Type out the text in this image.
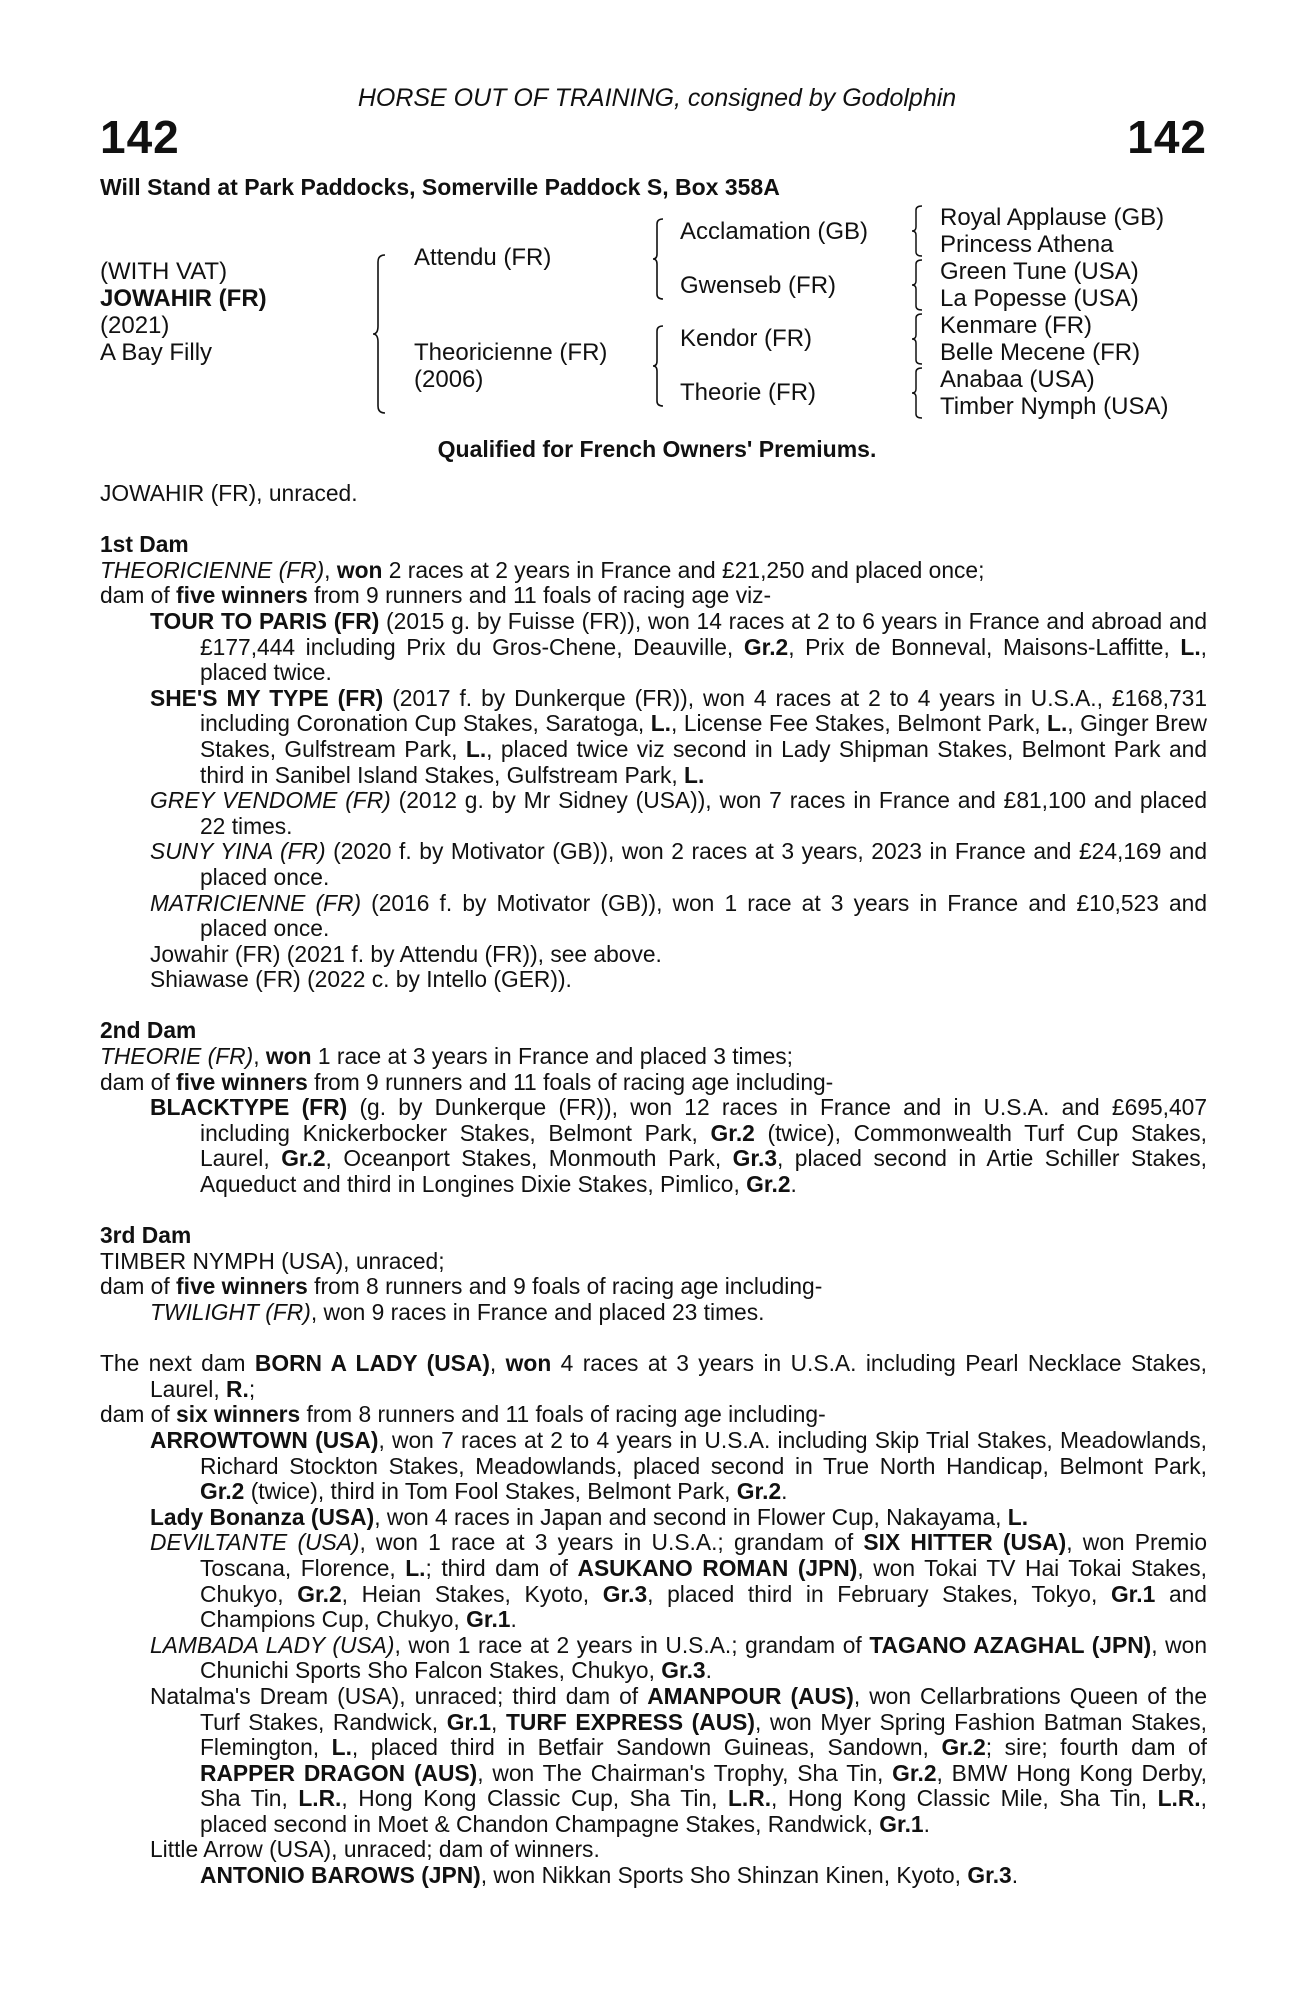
HORSE OUT OF TRAINING, consigned by Godolphin
142	142
Will Stand at Park Paddocks, Somerville Paddock S, Box 358A
(WITH VAT)
JOWAHIR (FR)
(2021)
A Bay Filly
Attendu (FR)
Theoricienne (FR)
(2006)
Acclamation (GB)
Gwenseb (FR)
Kendor (FR)
Theorie (FR)
Royal Applause (GB)
Princess Athena
Green Tune (USA)
La Popesse (USA)
Kenmare (FR)
Belle Mecene (FR)
Anabaa (USA)
Timber Nymph (USA)
Qualified for French Owners' Premiums.

JOWAHIR (FR), unraced.

1st Dam

THEORICIENNE (FR), won 2 races at 2 years in France and £21,250 and placed once;

dam of five winners from 9 runners and 11 foals of racing age viz-

TOUR TO PARIS (FR) (2015 g. by Fuisse (FR)), won 14 races at 2 to 6 years in France and abroad and £177,444 including Prix du Gros-Chene, Deauville, Gr.2, Prix de Bonneval, Maisons-Laffitte, L., placed twice.

SHE'S MY TYPE (FR) (2017 f. by Dunkerque (FR)), won 4 races at 2 to 4 years in U.S.A., £168,731 including Coronation Cup Stakes, Saratoga, L., License Fee Stakes, Belmont Park, L., Ginger Brew Stakes, Gulfstream Park, L., placed twice viz second in Lady Shipman Stakes, Belmont Park and third in Sanibel Island Stakes, Gulfstream Park, L.

GREY VENDOME (FR) (2012 g. by Mr Sidney (USA)), won 7 races in France and £81,100 and placed 22 times.

SUNY YINA (FR) (2020 f. by Motivator (GB)), won 2 races at 3 years, 2023 in France and £24,169 and placed once.

MATRICIENNE (FR) (2016 f. by Motivator (GB)), won 1 race at 3 years in France and £10,523 and placed once.

Jowahir (FR) (2021 f. by Attendu (FR)), see above.

Shiawase (FR) (2022 c. by Intello (GER)).

2nd Dam

THEORIE (FR), won 1 race at 3 years in France and placed 3 times;

dam of five winners from 9 runners and 11 foals of racing age including-

BLACKTYPE (FR) (g. by Dunkerque (FR)), won 12 races in France and in U.S.A. and £695,407 including Knickerbocker Stakes, Belmont Park, Gr.2 (twice), Commonwealth Turf Cup Stakes, Laurel, Gr.2, Oceanport Stakes, Monmouth Park, Gr.3, placed second in Artie Schiller Stakes, Aqueduct and third in Longines Dixie Stakes, Pimlico, Gr.2.

3rd Dam

TIMBER NYMPH (USA), unraced;

dam of five winners from 8 runners and 9 foals of racing age including-

TWILIGHT (FR), won 9 races in France and placed 23 times.

The next dam BORN A LADY (USA), won 4 races at 3 years in U.S.A. including Pearl Necklace Stakes, Laurel, R.;

dam of six winners from 8 runners and 11 foals of racing age including-

ARROWTOWN (USA), won 7 races at 2 to 4 years in U.S.A. including Skip Trial Stakes, Meadowlands, Richard Stockton Stakes, Meadowlands, placed second in True North Handicap, Belmont Park, Gr.2 (twice), third in Tom Fool Stakes, Belmont Park, Gr.2.

Lady Bonanza (USA), won 4 races in Japan and second in Flower Cup, Nakayama, L.

DEVILTANTE (USA), won 1 race at 3 years in U.S.A.; grandam of SIX HITTER (USA), won Premio Toscana, Florence, L.; third dam of ASUKANO ROMAN (JPN), won Tokai TV Hai Tokai Stakes, Chukyo, Gr.2, Heian Stakes, Kyoto, Gr.3, placed third in February Stakes, Tokyo, Gr.1 and Champions Cup, Chukyo, Gr.1.

LAMBADA LADY (USA), won 1 race at 2 years in U.S.A.; grandam of TAGANO AZAGHAL (JPN), won Chunichi Sports Sho Falcon Stakes, Chukyo, Gr.3.

Natalma's Dream (USA), unraced; third dam of AMANPOUR (AUS), won Cellarbrations Queen of the Turf Stakes, Randwick, Gr.1, TURF EXPRESS (AUS), won Myer Spring Fashion Batman Stakes, Flemington, L., placed third in Betfair Sandown Guineas, Sandown, Gr.2; sire; fourth dam of RAPPER DRAGON (AUS), won The Chairman's Trophy, Sha Tin, Gr.2, BMW Hong Kong Derby, Sha Tin, L.R., Hong Kong Classic Cup, Sha Tin, L.R., Hong Kong Classic Mile, Sha Tin, L.R., placed second in Moet & Chandon Champagne Stakes, Randwick, Gr.1.

Little Arrow (USA), unraced; dam of winners.

ANTONIO BAROWS (JPN), won Nikkan Sports Sho Shinzan Kinen, Kyoto, Gr.3.
